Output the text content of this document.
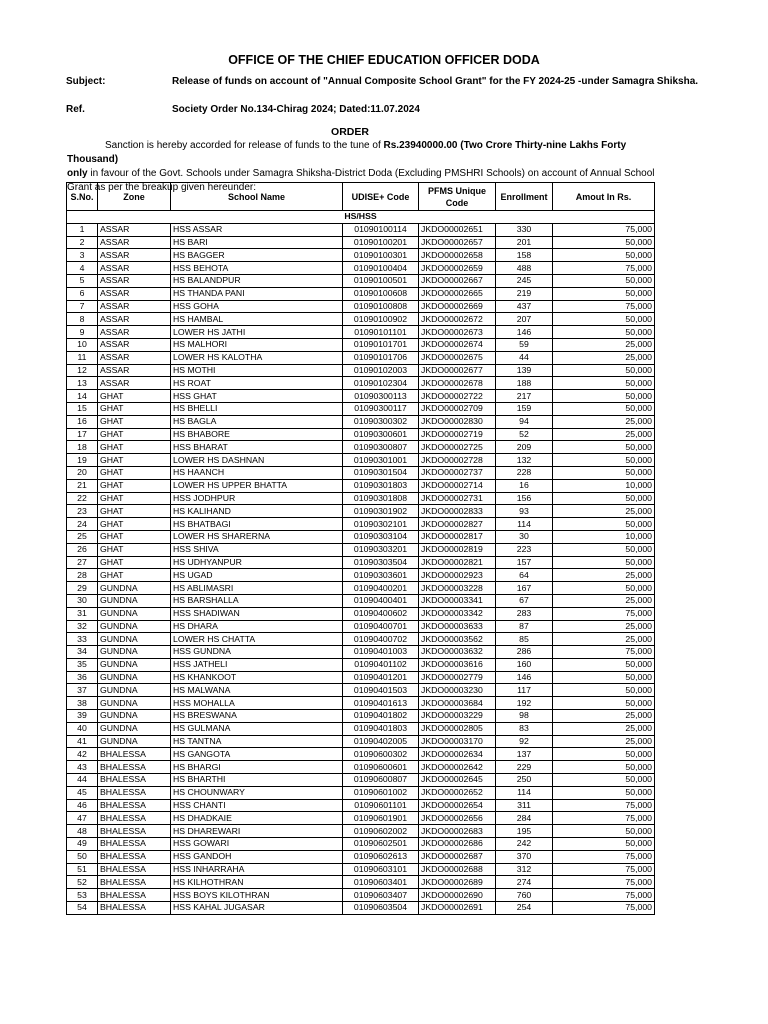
OFFICE OF THE CHIEF EDUCATION OFFICER DODA
Subject:	Release of funds on account of "Annual Composite School Grant" for the FY 2024-25 -under Samagra Shiksha.
Ref.	Society Order No.134-Chirag 2024; Dated:11.07.2024
ORDER
Sanction is hereby accorded for release of funds to the tune of Rs.23940000.00 (Two Crore Thirty-nine Lakhs Forty Thousand)
only in favour of the Govt. Schools under Samagra Shiksha-District Doda (Excluding PMSHRI Schools) on account of Annual School Grant as per the breakup given hereunder:
S.No.	Zone	School Name	UDISE+ Code	PFMS Unique Code	Enrollment	Amout In Rs.
HS/HSS						
1	ASSAR	HSS ASSAR	01090100114	JKDO00002651	330	75,000
2	ASSAR	HS BARI	01090100201	JKDO00002657	201	50,000
3	ASSAR	HS BAGGER	01090100301	JKDO00002658	158	50,000
4	ASSAR	HSS BEHOTA	01090100404	JKDO00002659	488	75,000
5	ASSAR	HS BALANDPUR	01090100501	JKDO00002667	245	50,000
6	ASSAR	HS THANDA PANI	01090100608	JKDO00002665	219	50,000
7	ASSAR	HSS GOHA	01090100808	JKDO00002669	437	75,000
8	ASSAR	HS HAMBAL	01090100902	JKDO00002672	207	50,000
9	ASSAR	LOWER HS JATHI	01090101101	JKDO00002673	146	50,000
10	ASSAR	HS MALHORI	01090101701	JKDO00002674	59	25,000
11	ASSAR	LOWER HS KALOTHA	01090101706	JKDO00002675	44	25,000
12	ASSAR	HS MOTHI	01090102003	JKDO00002677	139	50,000
13	ASSAR	HS ROAT	01090102304	JKDO00002678	188	50,000
14	GHAT	HSS GHAT	01090300113	JKDO00002722	217	50,000
15	GHAT	HS BHELLI	01090300117	JKDO00002709	159	50,000
16	GHAT	HS BAGLA	01090300302	JKDO00002830	94	25,000
17	GHAT	HS BHABORE	01090300601	JKDO00002719	52	25,000
18	GHAT	HSS BHARAT	01090300807	JKDO00002725	209	50,000
19	GHAT	LOWER HS DASHNAN	01090301001	JKDO00002728	132	50,000
20	GHAT	HS HAANCH	01090301504	JKDO00002737	228	50,000
21	GHAT	LOWER HS UPPER BHATTA	01090301803	JKDO00002714	16	10,000
22	GHAT	HSS JODHPUR	01090301808	JKDO00002731	156	50,000
23	GHAT	HS KALIHAND	01090301902	JKDO00002833	93	25,000
24	GHAT	HS BHATBAGI	01090302101	JKDO00002827	114	50,000
25	GHAT	LOWER HS SHARERNA	01090303104	JKDO00002817	30	10,000
26	GHAT	HSS SHIVA	01090303201	JKDO00002819	223	50,000
27	GHAT	HS UDHYANPUR	01090303504	JKDO00002821	157	50,000
28	GHAT	HS UGAD	01090303601	JKDO00002923	64	25,000
29	GUNDNA	HS ABLIMASRI	01090400201	JKDO00003228	167	50,000
30	GUNDNA	HS BARSHALLA	01090400401	JKDO00003341	67	25,000
31	GUNDNA	HSS SHADIWAN	01090400602	JKDO00003342	283	75,000
32	GUNDNA	HS DHARA	01090400701	JKDO00003633	87	25,000
33	GUNDNA	LOWER HS CHATTA	01090400702	JKDO00003562	85	25,000
34	GUNDNA	HSS GUNDNA	01090401003	JKDO00003632	286	75,000
35	GUNDNA	HSS JATHELI	01090401102	JKDO00003616	160	50,000
36	GUNDNA	HS KHANKOOT	01090401201	JKDO00002779	146	50,000
37	GUNDNA	HS MALWANA	01090401503	JKDO00003230	117	50,000
38	GUNDNA	HSS MOHALLA	01090401613	JKDO00003684	192	50,000
39	GUNDNA	HS BRESWANA	01090401802	JKDO00003229	98	25,000
40	GUNDNA	HS GULMANA	01090401803	JKDO00002805	83	25,000
41	GUNDNA	HS TANTNA	01090402005	JKDO00003170	92	25,000
42	BHALESSA	HS GANGOTA	01090600302	JKDO00002634	137	50,000
43	BHALESSA	HS BHARGI	01090600601	JKDO00002642	229	50,000
44	BHALESSA	HS BHARTHI	01090600807	JKDO00002645	250	50,000
45	BHALESSA	HS CHOUNWARY	01090601002	JKDO00002652	114	50,000
46	BHALESSA	HSS CHANTI	01090601101	JKDO00002654	311	75,000
47	BHALESSA	HS DHADKAIE	01090601901	JKDO00002656	284	75,000
48	BHALESSA	HS DHAREWARI	01090602002	JKDO00002683	195	50,000
49	BHALESSA	HSS GOWARI	01090602501	JKDO00002686	242	50,000
50	BHALESSA	HSS GANDOH	01090602613	JKDO00002687	370	75,000
51	BHALESSA	HSS INHARRAHA	01090603101	JKDO00002688	312	75,000
52	BHALESSA	HS KILHOTHRAN	01090603401	JKDO00002689	274	75,000
53	BHALESSA	HSS BOYS KILOTHRAN	01090603407	JKDO00002690	760	75,000
54	BHALESSA	HSS KAHAL JUGASAR	01090603504	JKDO00002691	254	75,000
